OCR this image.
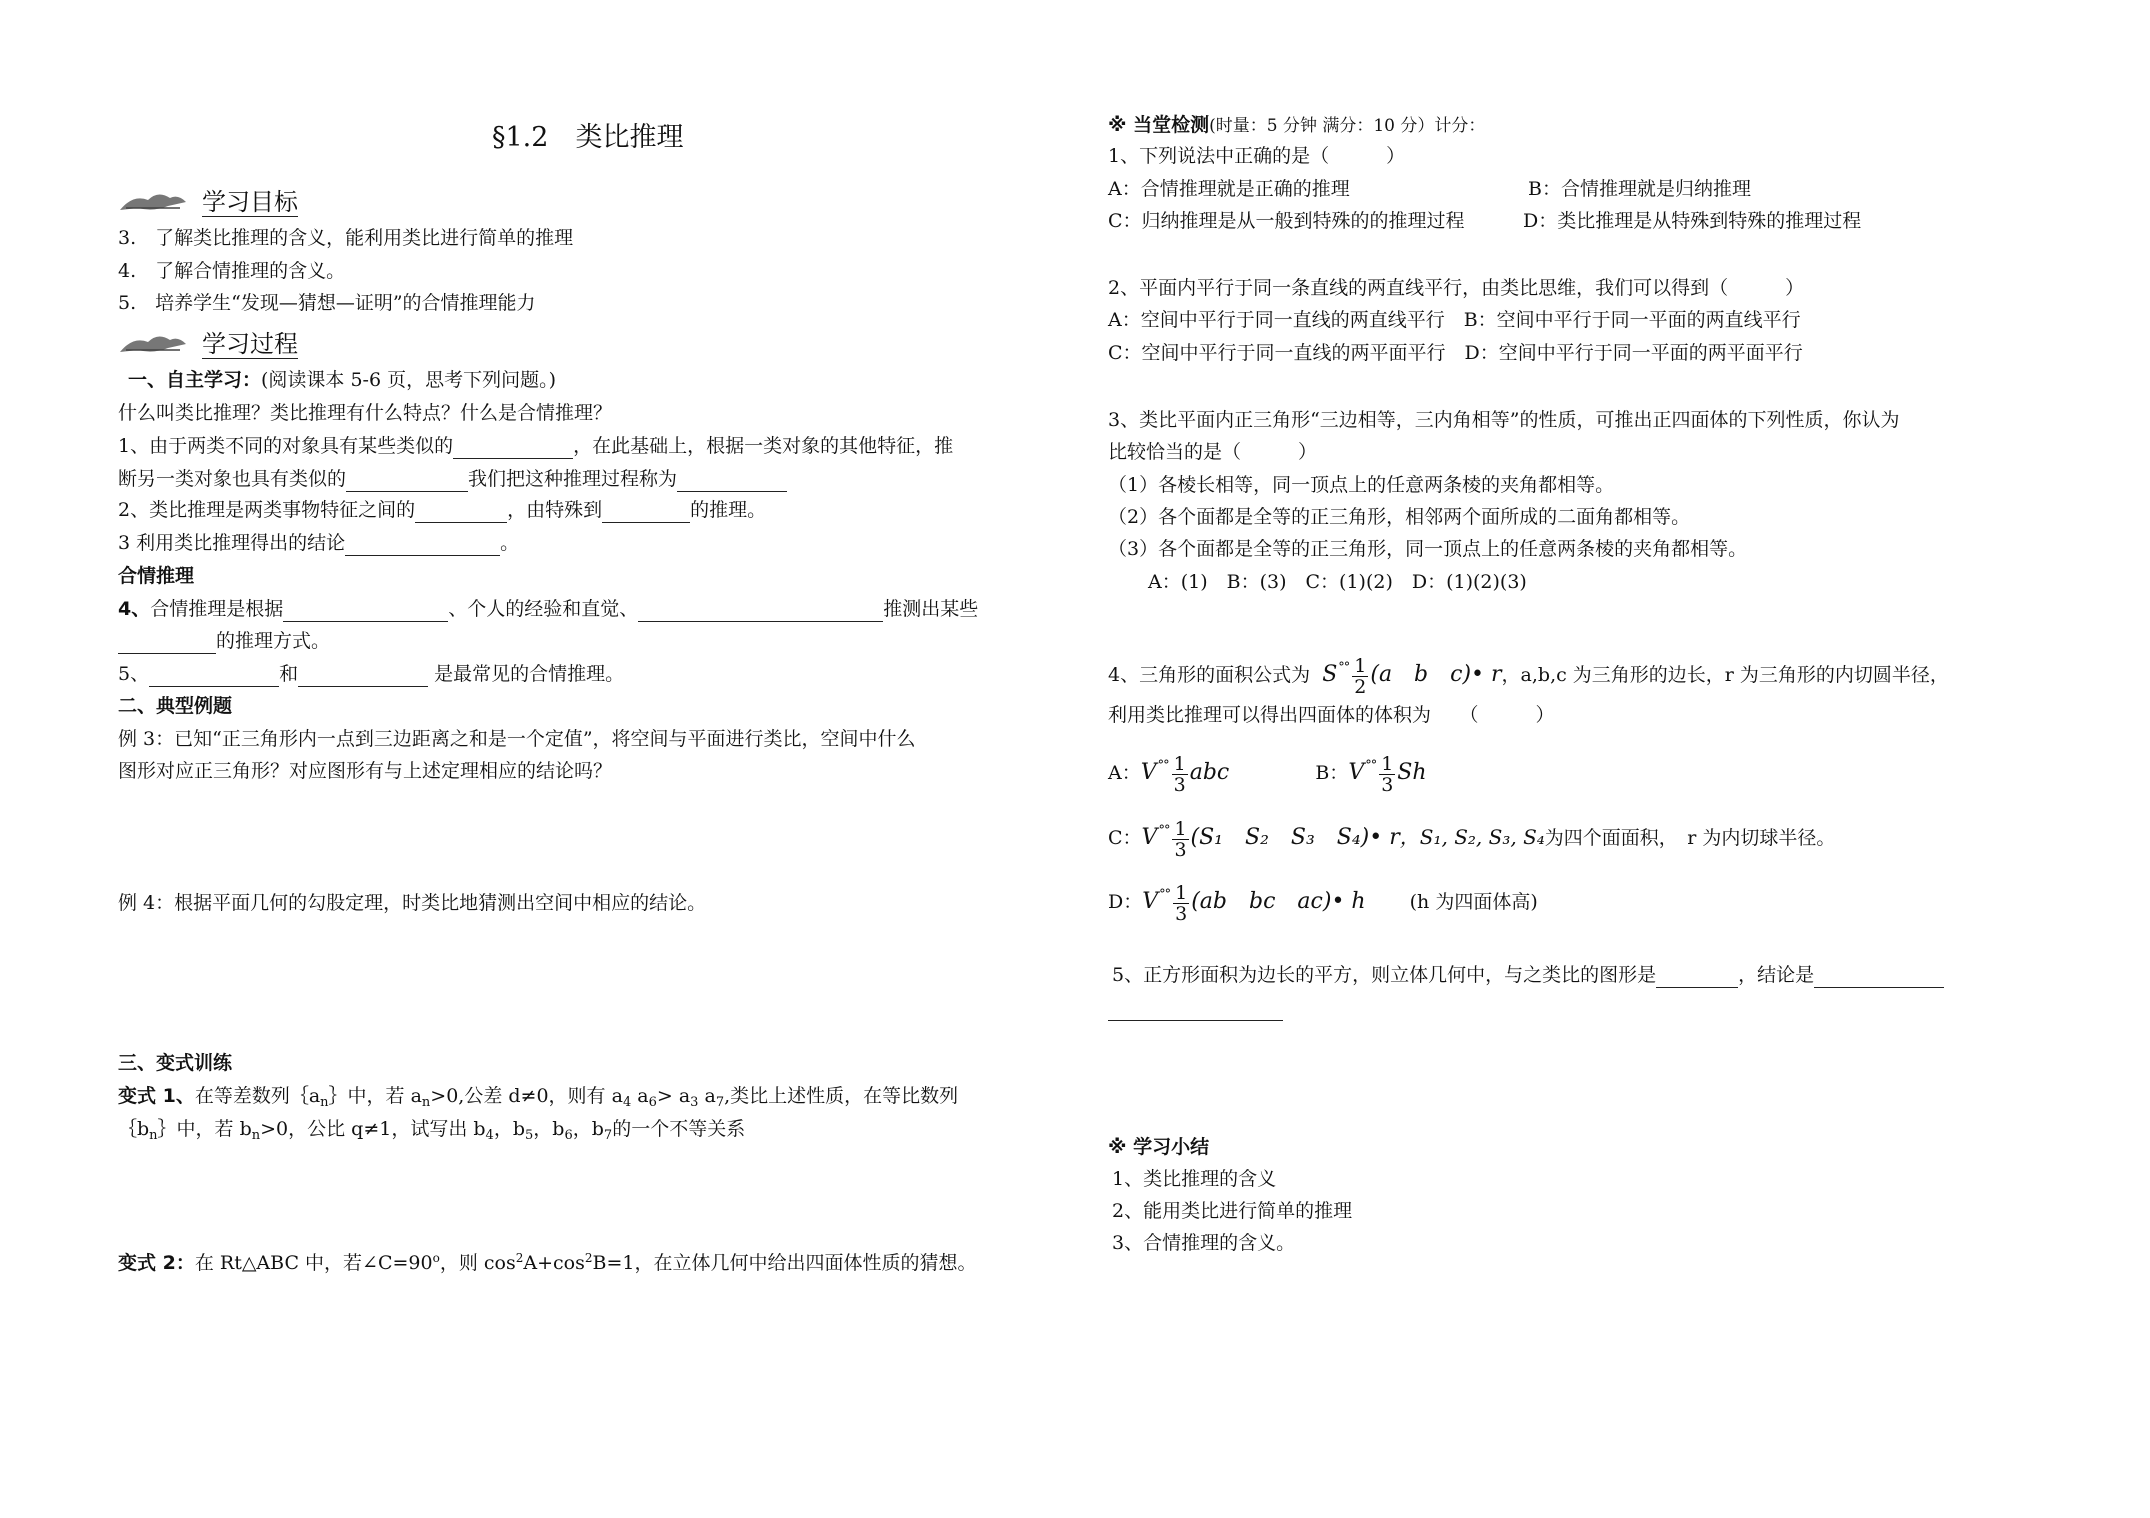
§1.2　类比推理
学习目标
3.　了解类比推理的含义，能利用类比进行简单的推理
4.　了解合情推理的含义。
5.　培养学生“发现—猜想—证明”的合情推理能力
学习过程
一、自主学习：(阅读课本 5-6 页，思考下列问题。)
什么叫类比推理？类比推理有什么特点？什么是合情推理？
1、由于两类不同的对象具有某些类似的	，在此基础上，根据一类对象的其他特征，推
断另一类对象也具有类似的	我们把这种推理过程称为
2、类比推理是两类事物特征之间的	，由特殊到	的推理。
3 利用类比推理得出的结论	。
合情推理
4、合情推理是根据	、个人的经验和直觉、	推测出某些
的推理方式。
5、	和	是最常见的合情推理。
二、典型例题
例 3：已知“正三角形内一点到三边距离之和是一个定值”，将空间与平面进行类比，空间中什么
图形对应正三角形？对应图形有与上述定理相应的结论吗？
例 4：根据平面几何的勾股定理，时类比地猜测出空间中相应的结论。
三、变式训练
变式 1、在等差数列$\{a_n\}$中，若 $a_n>0$,公差 d≠0，则有 $a_4$ $a_6> a_3$ $a_7$,类比上述性质，在等比数列
$\{b_n\}$中，若 $b_n>0$，公比 q≠1，试写出 $b_4$，$b_5$，$b_6$，$b_7$的一个不等关系
变式 2：在 Rt△ABC 中，若$\angle C=90^o$，则 $\cos^2A+\cos^2B=1$，在立体几何中给出四面体性质的猜想。
※ 当堂检测(时量：5 分钟 满分：10 分）计分：
1、下列说法中正确的是（　　　）
A：合情推理就是正确的推理	B：合情推理就是归纳推理
C：归纳推理是从一般到特殊的的推理过程	D：类比推理是从特殊到特殊的推理过程
2、平面内平行于同一条直线的两直线平行，由类比思维，我们可以得到（　　　）
A：空间中平行于同一直线的两直线平行　B：空间中平行于同一平面的两直线平行
C：空间中平行于同一直线的两平面平行　D：空间中平行于同一平面的两平面平行
3、类比平面内正三角形“三边相等，三内角相等”的性质，可推出正四面体的下列性质，你认为
比较恰当的是（　　　）
（1）各棱长相等，同一顶点上的任意两条棱的夹角都相等。
（2）各个面都是全等的正三角形，相邻两个面所成的二面角都相等。
（3）各个面都是全等的正三角形，同一顶点上的任意两条棱的夹角都相等。
A：(1)　B：(3)　C：(1)(2)　D：(1)(2)(3)
4、三角形的面积公式为 $S^{^\circ^\circ} \frac{1}{2} (a$　b　c)• r，a,b,c 为三角形的边长，r 为三角形的内切圆半径，
利用类比推理可以得出四面体的体积为　　（　　　）
A：$V^{^\circ^\circ} \frac{1}{3}$ abc	B：$V^{^\circ^\circ} \frac{1}{3}$ Sh
C：$V^{^\circ^\circ} \frac{1}{3} (S_1$　S₂　S₃　S₄)• r，S₁, S₂, S₃, S₄为四个面面积，　r 为内切球半径。
D：$V^{^\circ^\circ} \frac{1}{3} (ab$　bc　ac)• h (h 为四面体高)
5、正方形面积为边长的平方，则立体几何中，与之类比的图形是	，结论是
※ 学习小结
1、类比推理的含义
2、能用类比进行简单的推理
3、合情推理的含义。
